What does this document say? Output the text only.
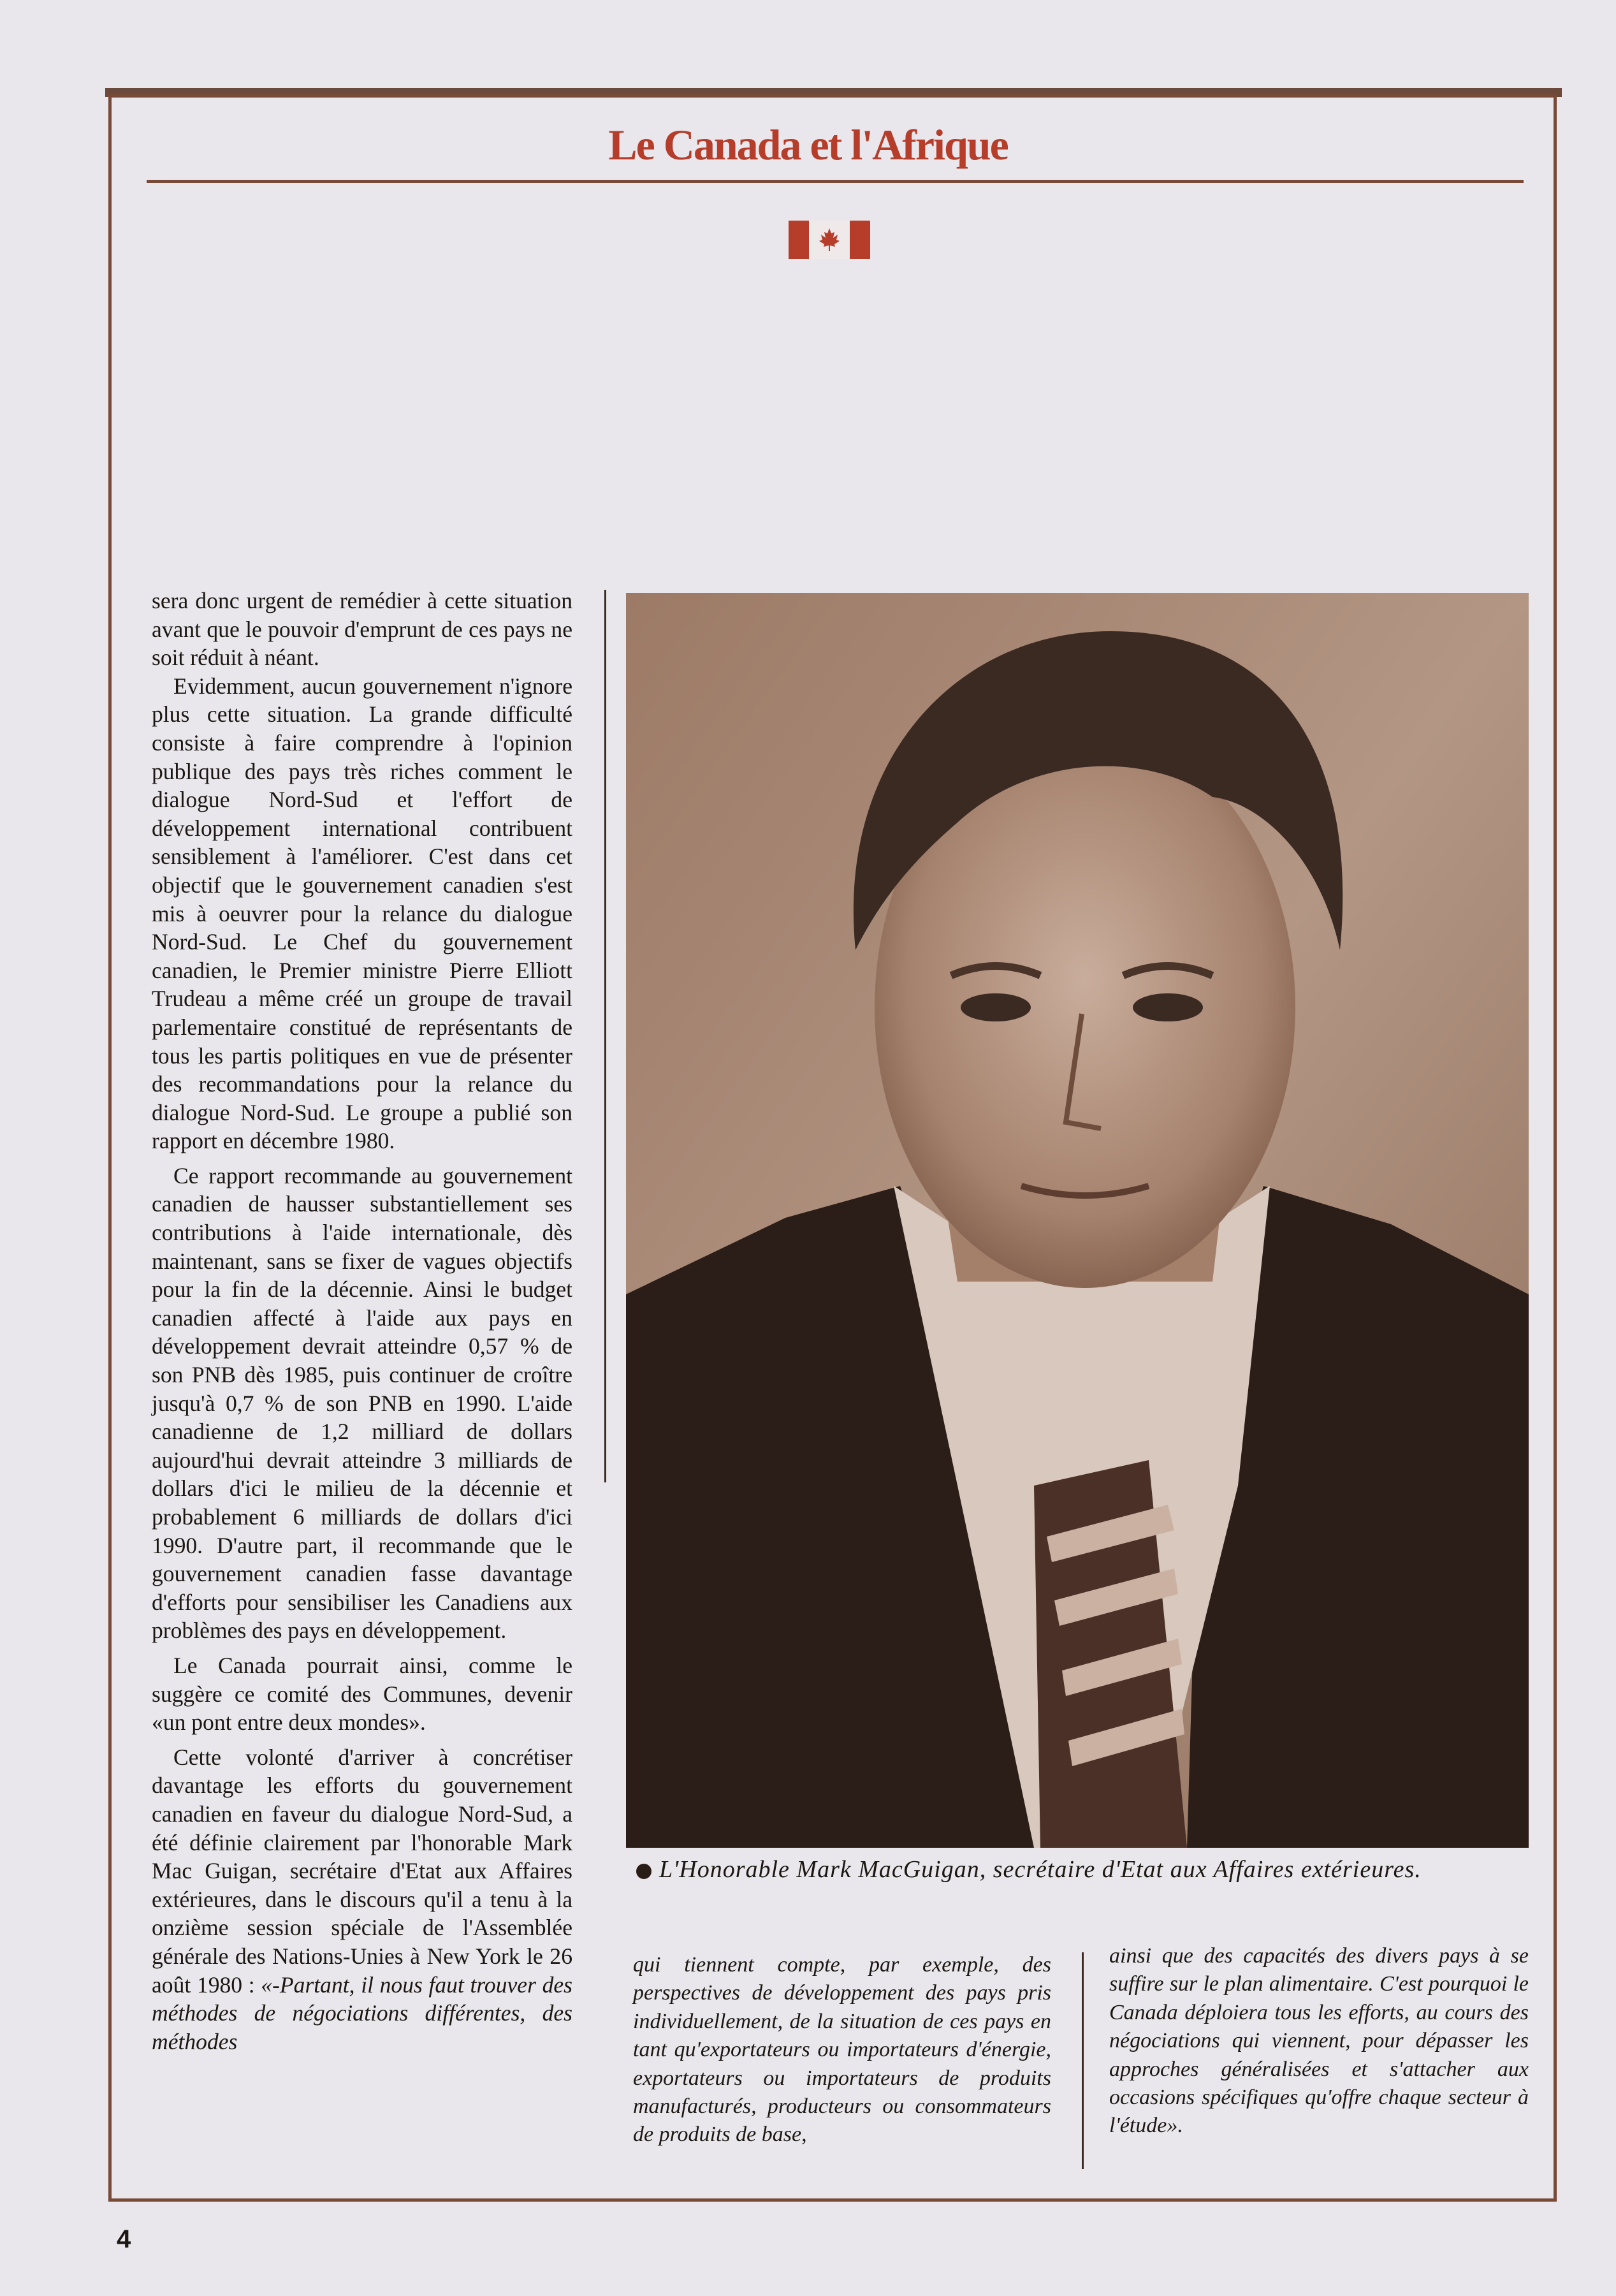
Le Canada et l'Afrique

sera donc urgent de remédier à cette situation avant que le pouvoir d'emprunt de ces pays ne soit réduit à néant.

Evidemment, aucun gouvernement n'ignore plus cette situation. La grande difficulté consiste à faire comprendre à l'opinion publique des pays très riches comment le dialogue Nord-Sud et l'effort de développement international contribuent sensiblement à l'améliorer. C'est dans cet objectif que le gouvernement canadien s'est mis à oeuvrer pour la relance du dialogue Nord-Sud. Le Chef du gouvernement canadien, le Premier ministre Pierre Elliott Trudeau a même créé un groupe de travail parlementaire constitué de représentants de tous les partis politiques en vue de présenter des recommandations pour la relance du dialogue Nord-Sud. Le groupe a publié son rapport en décembre 1980.

Ce rapport recommande au gouvernement canadien de hausser substantiellement ses contributions à l'aide internationale, dès maintenant, sans se fixer de vagues objectifs pour la fin de la décennie. Ainsi le budget canadien affecté à l'aide aux pays en développement devrait atteindre 0,57 % de son PNB dès 1985, puis continuer de croître jusqu'à 0,7 % de son PNB en 1990. L'aide canadienne de 1,2 milliard de dollars aujourd'hui devrait atteindre 3 milliards de dollars d'ici le milieu de la décennie et probablement 6 milliards de dollars d'ici 1990. D'autre part, il recommande que le gouvernement canadien fasse davantage d'efforts pour sensibiliser les Canadiens aux problèmes des pays en développement.

Le Canada pourrait ainsi, comme le suggère ce comité des Communes, devenir «un pont entre deux mondes».

Cette volonté d'arriver à concrétiser davantage les efforts du gouvernement canadien en faveur du dialogue Nord-Sud, a été définie clairement par l'honorable Mark Mac Guigan, secrétaire d'Etat aux Affaires extérieures, dans le discours qu'il a tenu à la onzième session spéciale de l'Assemblée générale des Nations-Unies à New York le 26 août 1980 : «-Partant, il nous faut trouver des méthodes de négociations différentes, des méthodes

L'Honorable Mark MacGuigan, secrétaire d'Etat aux Affaires extérieures.
qui tiennent compte, par exemple, des perspectives de développement des pays pris individuellement, de la situation de ces pays en tant qu'exportateurs ou importateurs d'énergie, exportateurs ou importateurs de produits manufacturés, producteurs ou consommateurs de produits de base,
ainsi que des capacités des divers pays à se suffire sur le plan alimentaire. C'est pourquoi le Canada déploiera tous les efforts, au cours des négociations qui viennent, pour dépasser les approches généralisées et s'attacher aux occasions spécifiques qu'offre chaque secteur à l'étude».
4
